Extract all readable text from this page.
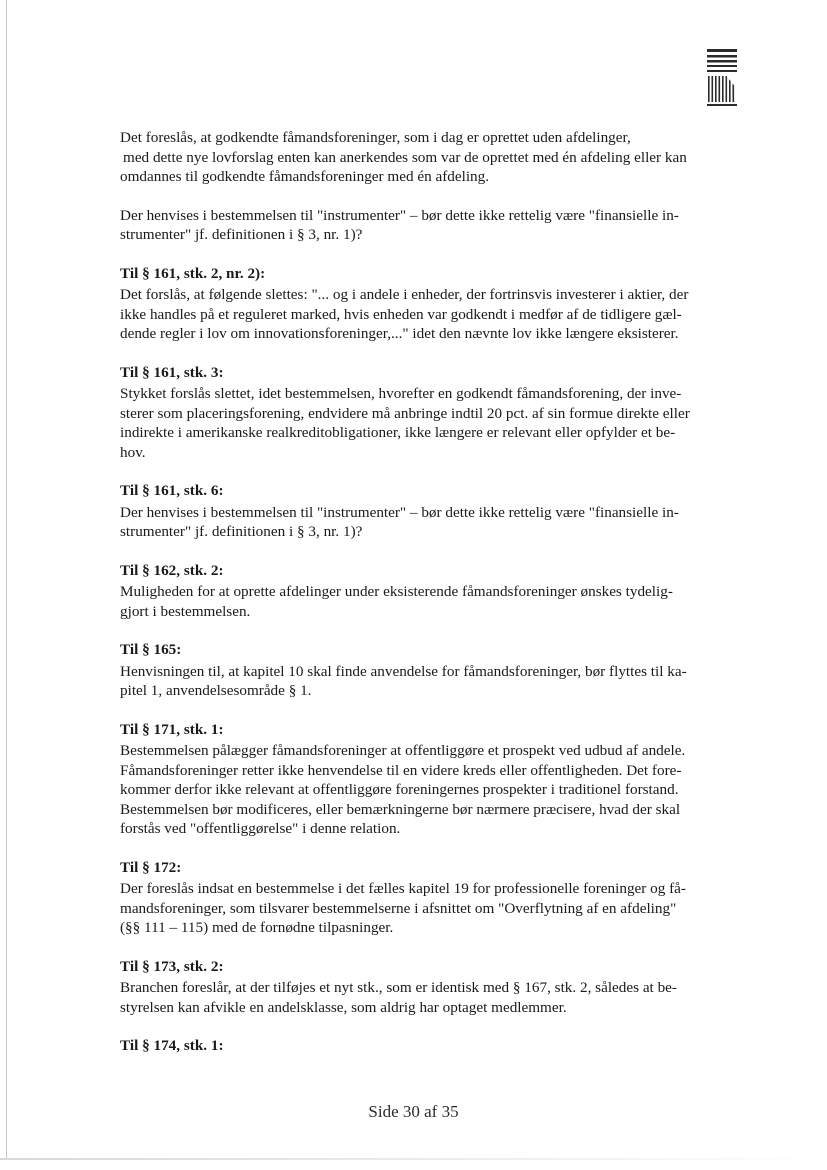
Det foreslås, at godkendte fåmandsforeninger, som i dag er oprettet uden afdelinger,
med dette nye lovforslag enten kan anerkendes som var de oprettet med én afdeling eller kan
omdannes til godkendte fåmandsforeninger med én afdeling.
Der henvises i bestemmelsen til "instrumenter" – bør dette ikke rettelig være "finansielle in-
strumenter" jf. definitionen i § 3, nr. 1)?
Til § 161, stk. 2, nr. 2):
Det forslås, at følgende slettes: "... og i andele i enheder, der fortrinsvis investerer i aktier, der
ikke handles på et reguleret marked, hvis enheden var godkendt i medfør af de tidligere gæl-
dende regler i lov om innovationsforeninger,..." idet den nævnte lov ikke længere eksisterer.
Til § 161, stk. 3:
Stykket forslås slettet, idet bestemmelsen, hvorefter en godkendt fåmandsforening, der inve-
sterer som placeringsforening, endvidere må anbringe indtil 20 pct. af sin formue direkte eller
indirekte i amerikanske realkreditobligationer, ikke længere er relevant eller opfylder et be-
hov.
Til § 161, stk. 6:
Der henvises i bestemmelsen til "instrumenter" – bør dette ikke rettelig være "finansielle in-
strumenter" jf. definitionen i § 3, nr. 1)?
Til § 162, stk. 2:
Muligheden for at oprette afdelinger under eksisterende fåmandsforeninger ønskes tydelig-
gjort i bestemmelsen.
Til § 165:
Henvisningen til, at kapitel 10 skal finde anvendelse for fåmandsforeninger, bør flyttes til ka-
pitel 1, anvendelsesområde § 1.
Til § 171, stk. 1:
Bestemmelsen pålægger fåmandsforeninger at offentliggøre et prospekt ved udbud af andele.
Fåmandsforeninger retter ikke henvendelse til en videre kreds eller offentligheden. Det fore-
kommer derfor ikke relevant at offentliggøre foreningernes prospekter i traditionel forstand.
Bestemmelsen bør modificeres, eller bemærkningerne bør nærmere præcisere, hvad der skal
forstås ved "offentliggørelse" i denne relation.
Til § 172:
Der foreslås indsat en bestemmelse i det fælles kapitel 19 for professionelle foreninger og få-
mandsforeninger, som tilsvarer bestemmelserne i afsnittet om "Overflytning af en afdeling"
(§§ 111 – 115) med de fornødne tilpasninger.
Til § 173, stk. 2:
Branchen foreslår, at der tilføjes et nyt stk., som er identisk med § 167, stk. 2, således at be-
styrelsen kan afvikle en andelsklasse, som aldrig har optaget medlemmer.
Til § 174, stk. 1:
Side 30 af 35
